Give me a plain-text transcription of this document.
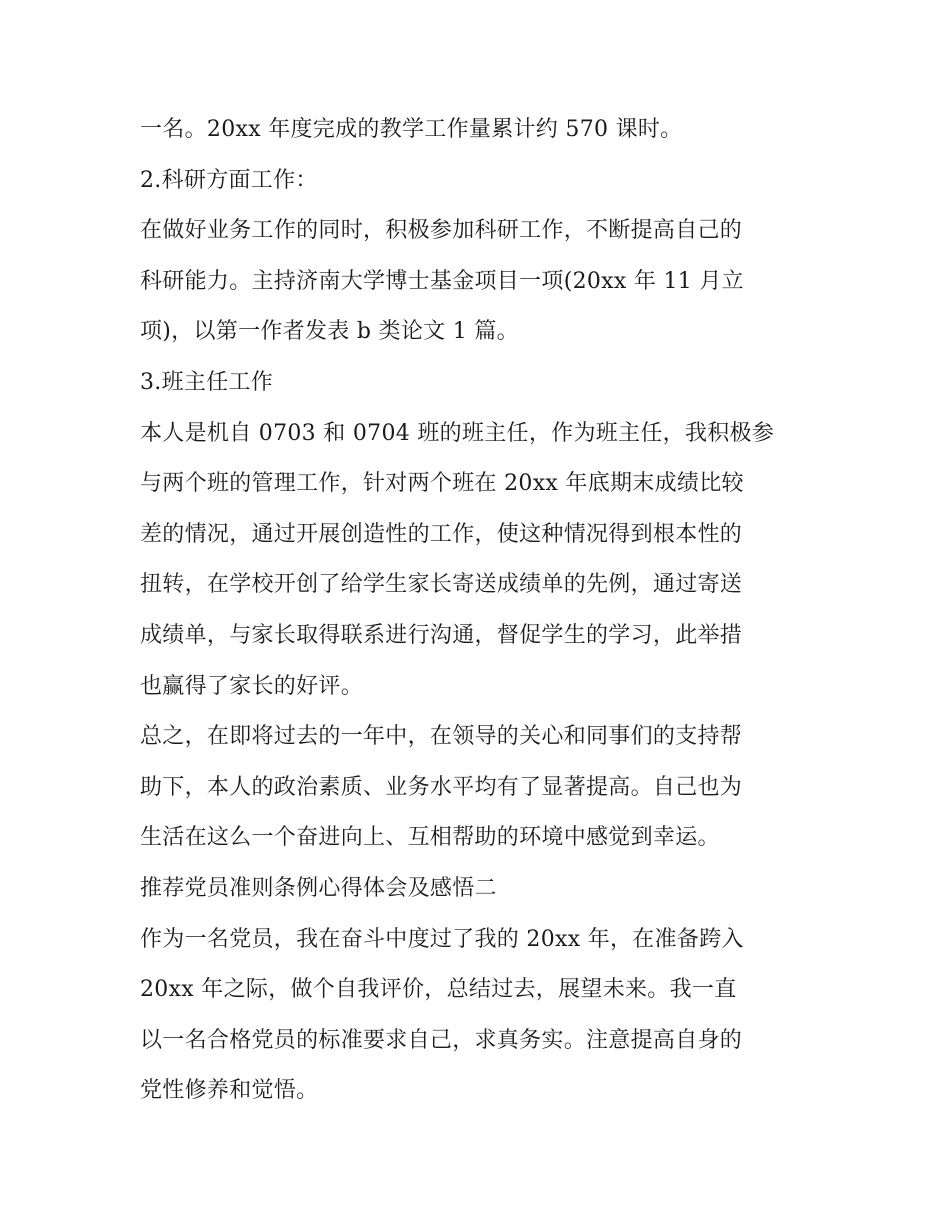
一名。20xx 年度完成的教学工作量累计约 570 课时。
2.科研方面工作：
在做好业务工作的同时，积极参加科研工作，不断提高自己的
科研能力。主持济南大学博士基金项目一项(20xx 年 11 月立
项)，以第一作者发表 b 类论文 1 篇。
3.班主任工作
本人是机自 0703 和 0704 班的班主任，作为班主任，我积极参
与两个班的管理工作，针对两个班在 20xx 年底期末成绩比较
差的情况，通过开展创造性的工作，使这种情况得到根本性的
扭转，在学校开创了给学生家长寄送成绩单的先例，通过寄送
成绩单，与家长取得联系进行沟通，督促学生的学习，此举措
也赢得了家长的好评。
总之，在即将过去的一年中，在领导的关心和同事们的支持帮
助下，本人的政治素质、业务水平均有了显著提高。自己也为
生活在这么一个奋进向上、互相帮助的环境中感觉到幸运。
推荐党员准则条例心得体会及感悟二
作为一名党员，我在奋斗中度过了我的 20xx 年，在准备跨入
20xx 年之际，做个自我评价，总结过去，展望未来。我一直
以一名合格党员的标准要求自己，求真务实。注意提高自身的
党性修养和觉悟。
